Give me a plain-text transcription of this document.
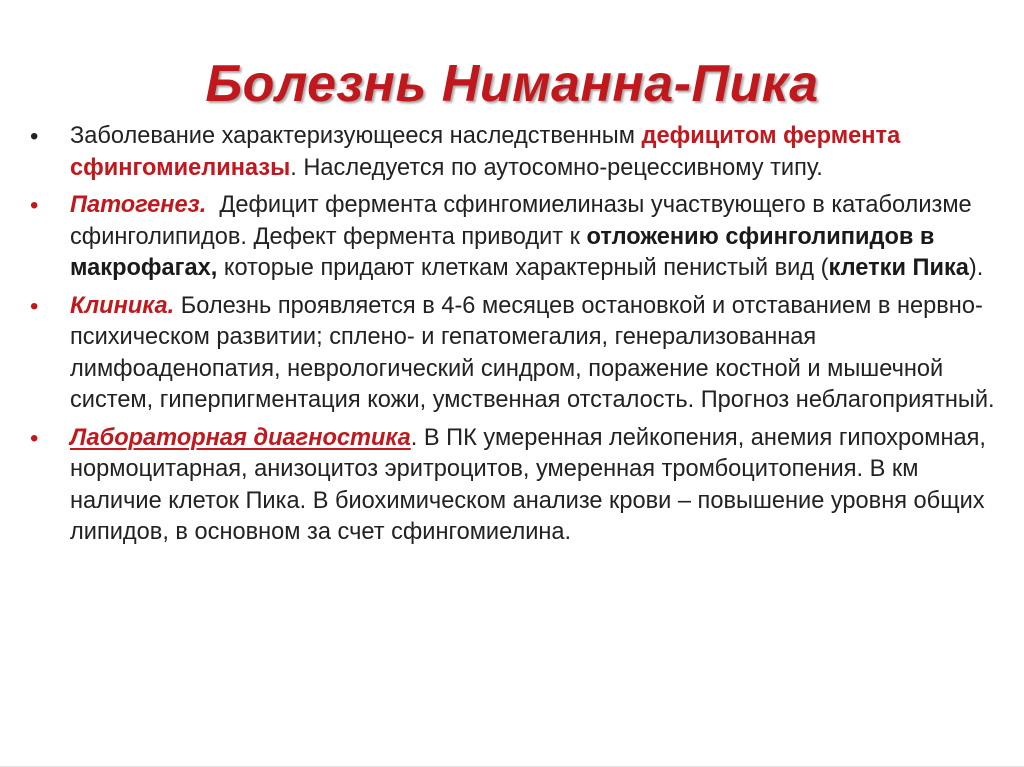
Болезнь Ниманна-Пика
•	Заболевание характеризующееся наследственным дефицитом фермента сфингомиелиназы. Наследуется по аутосомно-рецессивному типу.
•	Патогенез.  Дефицит фермента сфингомиелиназы участвующего в катаболизме сфинголипидов. Дефект фермента приводит к отложению сфинголипидов в макрофагах, которые придают клеткам характерный пенистый вид (клетки Пика).
•	Клиника. Болезнь проявляется в 4-6 месяцев остановкой и отставанием в нервно-психическом развитии; сплено- и гепатомегалия, генерализованная лимфоаденопатия, неврологический синдром, поражение костной и мышечной систем, гиперпигментация кожи, умственная отсталость. Прогноз неблагоприятный.
•	Лабораторная диагностика. В ПК умеренная лейкопения, анемия гипохромная, нормоцитарная, анизоцитоз эритроцитов, умеренная тромбоцитопения. В км наличие клеток Пика. В биохимическом анализе крови – повышение уровня общих липидов, в основном за счет сфингомиелина.
